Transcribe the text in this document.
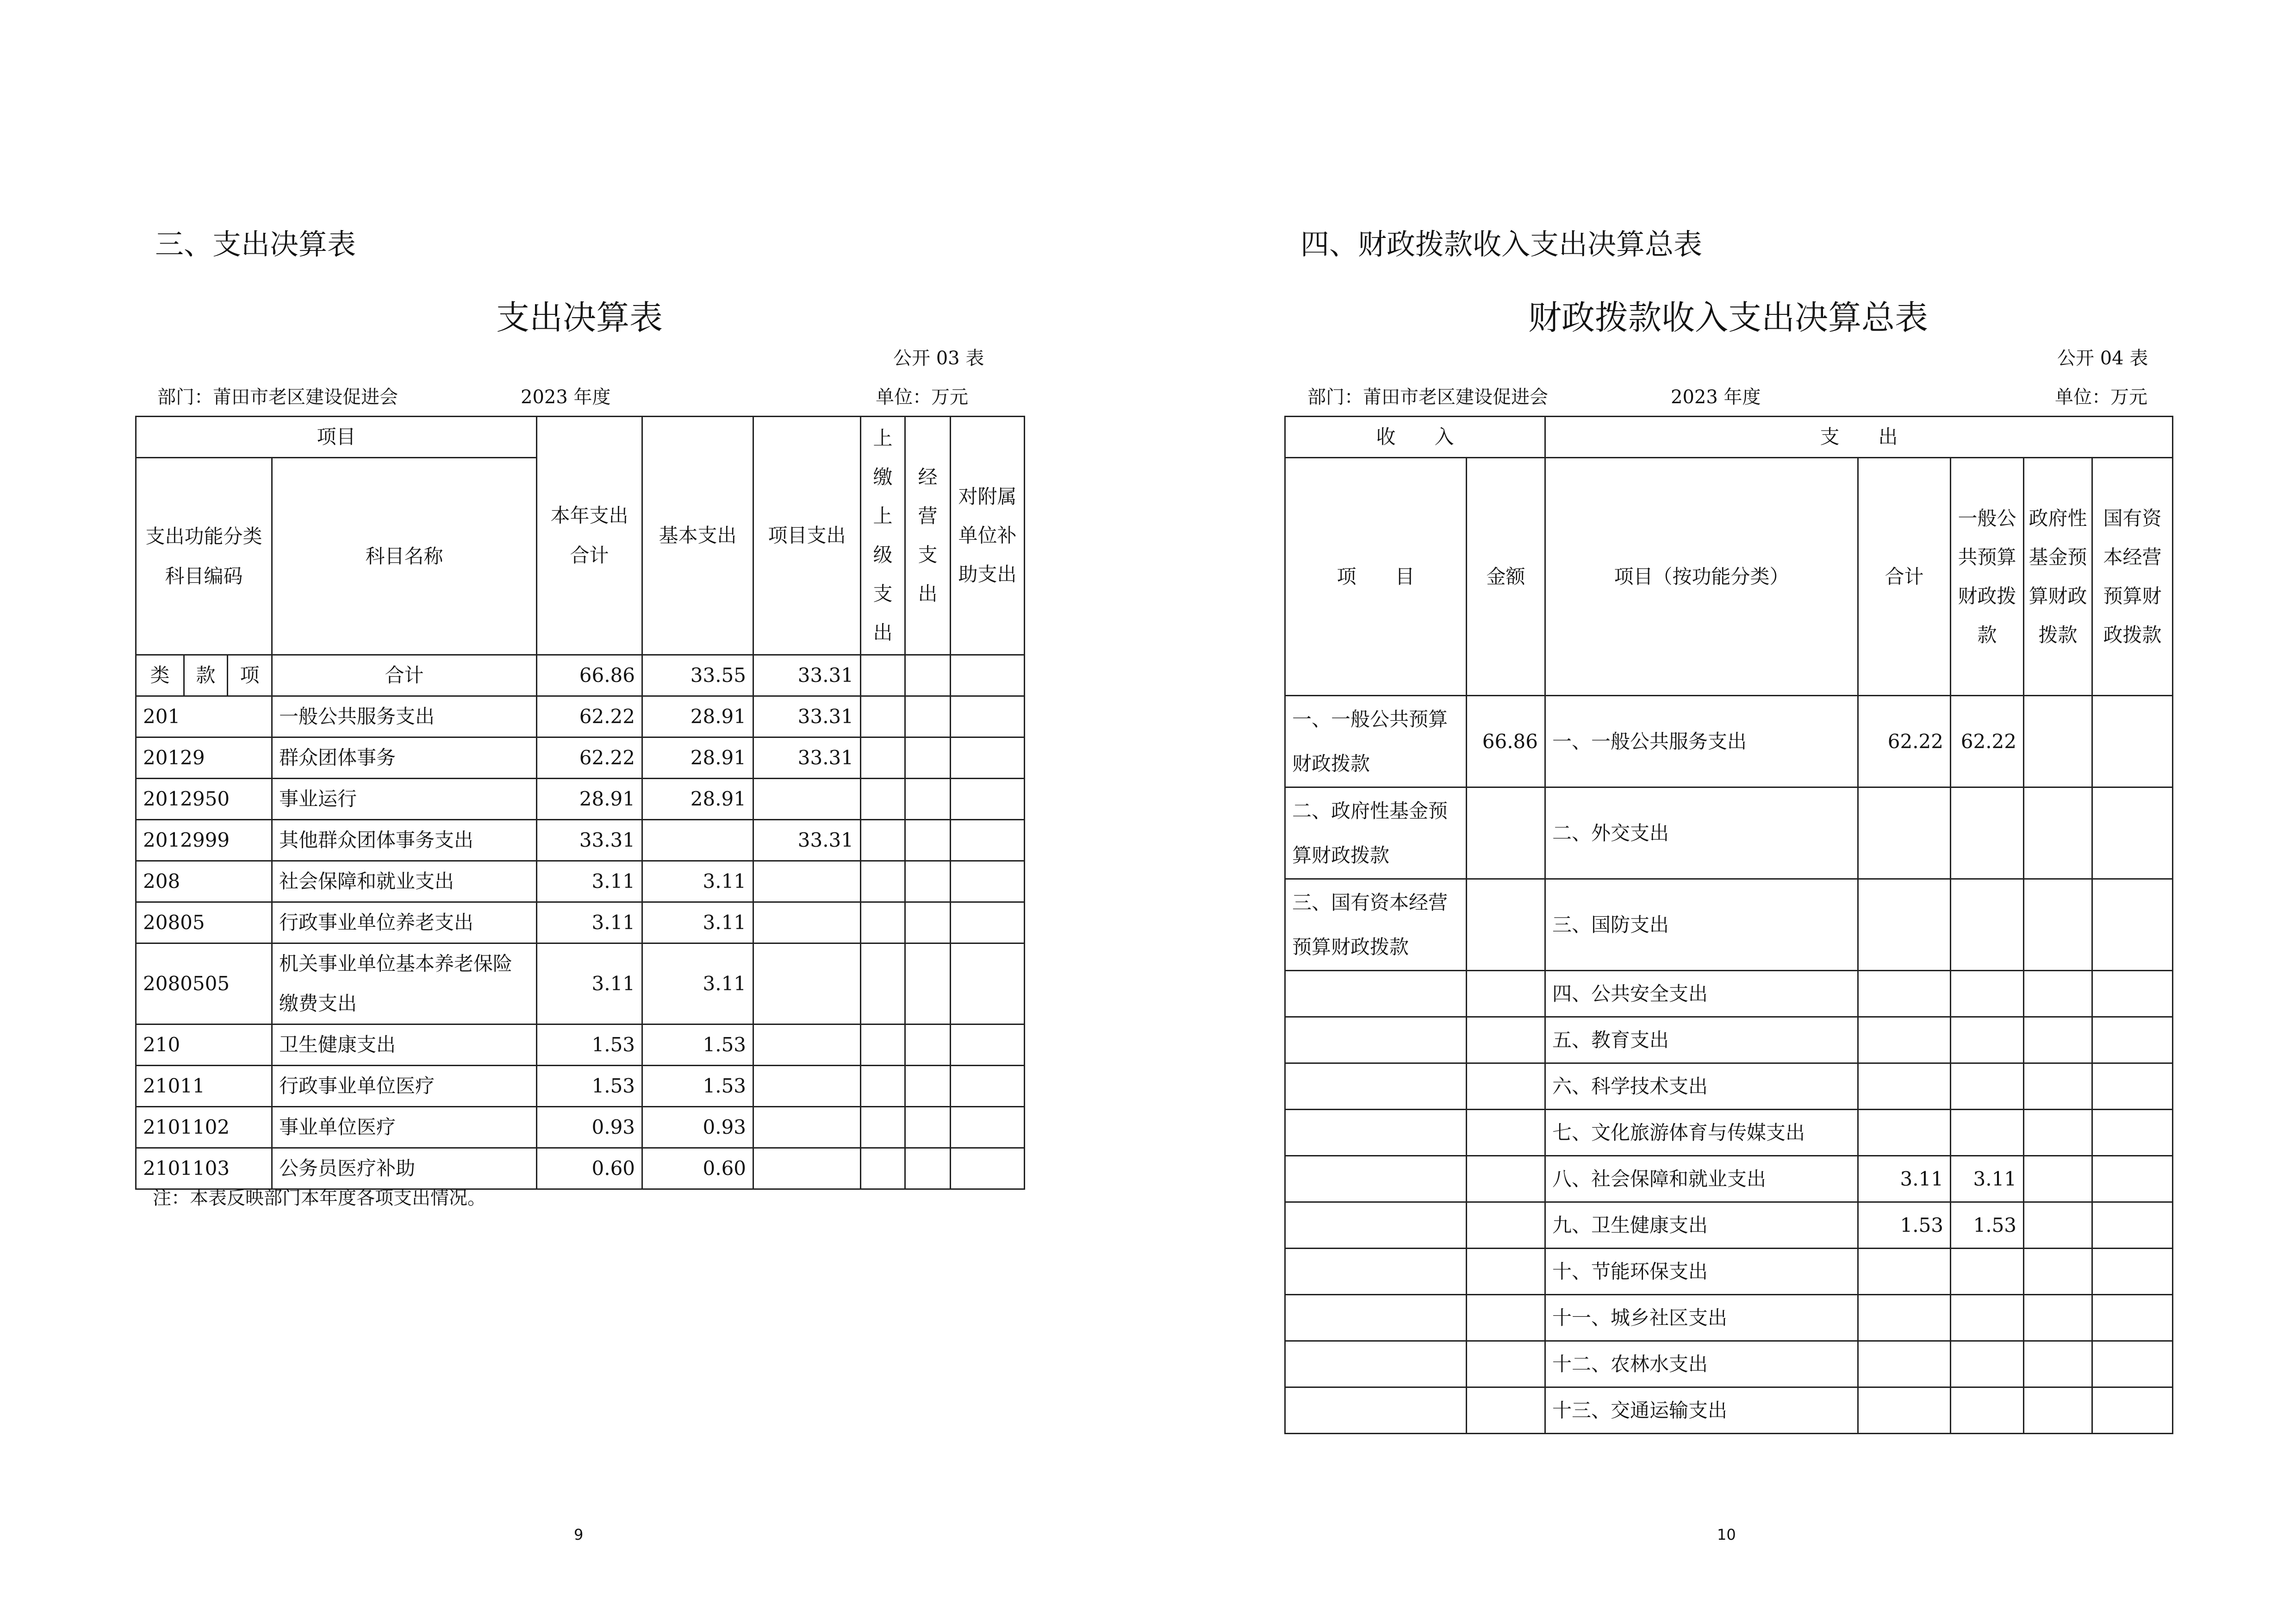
三、支出决算表
支出决算表
公开 03 表
部门：莆田市老区建设促进会	2023 年度	单位：万元
项目				本年支出合计	基本支出	项目支出	上缴上级支出	经营支出	对附属单位补助支出
支出功能分类科目编码			科目名称						
类	款	项	合计	66.86	33.55	33.31			
201			一般公共服务支出	62.22	28.91	33.31			
20129			群众团体事务	62.22	28.91	33.31			
2012950			事业运行	28.91	28.91				
2012999			其他群众团体事务支出	33.31		33.31			
208			社会保障和就业支出	3.11	3.11				
20805			行政事业单位养老支出	3.11	3.11				
2080505			机关事业单位基本养老保险缴费支出	3.11	3.11				
210			卫生健康支出	1.53	1.53				
21011			行政事业单位医疗	1.53	1.53				
2101102			事业单位医疗	0.93	0.93				
2101103			公务员医疗补助	0.60	0.60				
注：本表反映部门本年度各项支出情况。
9
四、财政拨款收入支出决算总表
财政拨款收入支出决算总表
公开 04 表
部门：莆田市老区建设促进会	2023 年度	单位：万元
收　　入		支　　出				
项　　目	金额	项目（按功能分类）	合计	一般公共预算财政拨款	政府性基金预算财政拨款	国有资本经营预算财政拨款
一、一般公共预算财政拨款	66.86	一、一般公共服务支出	62.22	62.22		
二、政府性基金预算财政拨款		二、外交支出				
三、国有资本经营预算财政拨款		三、国防支出				
		四、公共安全支出				
		五、教育支出				
		六、科学技术支出				
		七、文化旅游体育与传媒支出				
		八、社会保障和就业支出	3.11	3.11		
		九、卫生健康支出	1.53	1.53		
		十、节能环保支出				
		十一、城乡社区支出				
		十二、农林水支出				
		十三、交通运输支出				
10
